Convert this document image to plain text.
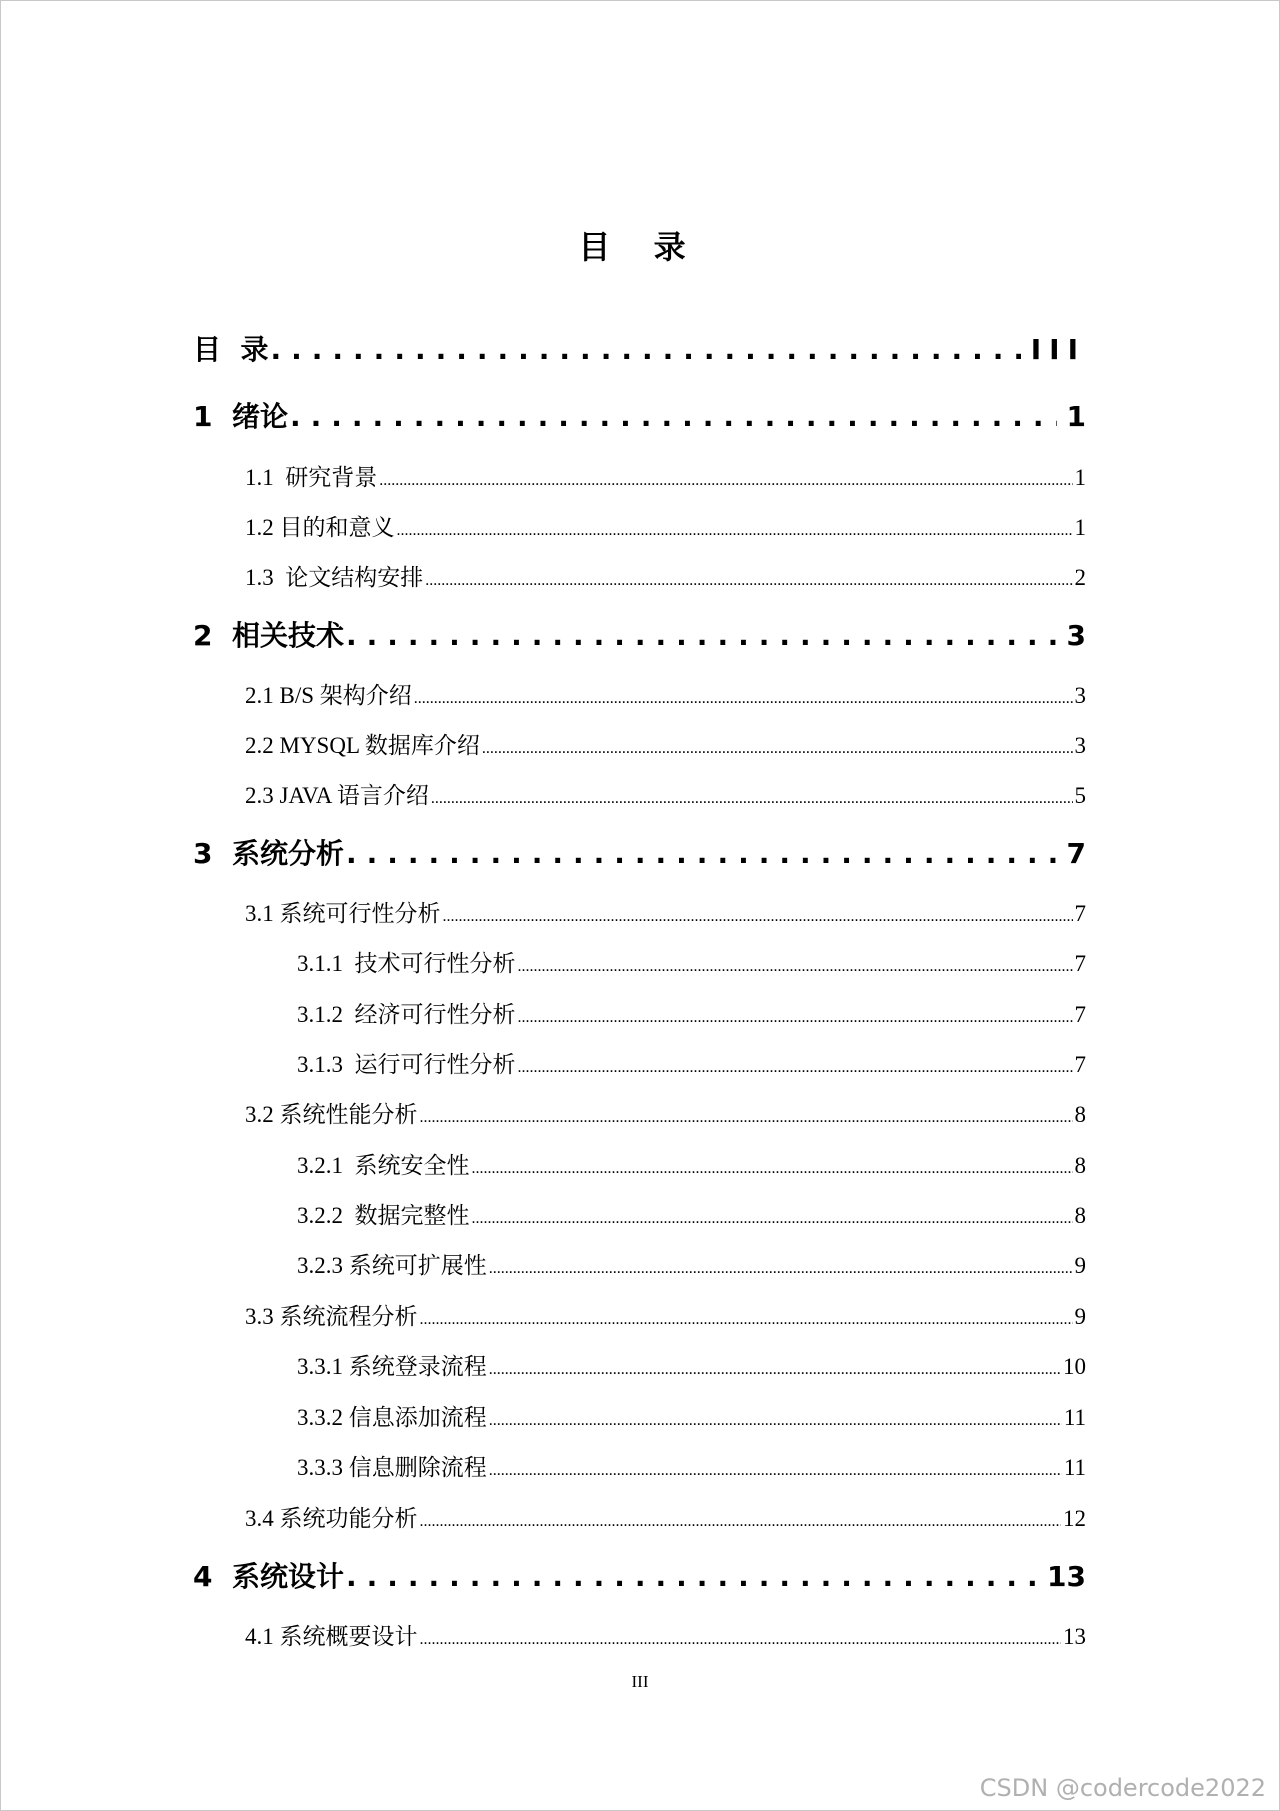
目 录
目  录 .....	III
1  绪论 .....	1
1.1  研究背景 .....	1
1.2 目的和意义 .....	1
1.3  论文结构安排 .....	2
2  相关技术 .....	3
2.1 B/S 架构介绍 .....	3
2.2 MYSQL 数据库介绍 .....	3
2.3 JAVA 语言介绍 .....	5
3  系统分析 .....	7
3.1 系统可行性分析 .....	7
3.1.1  技术可行性分析 .....	7
3.1.2  经济可行性分析 .....	7
3.1.3  运行可行性分析 .....	7
3.2 系统性能分析 .....	8
3.2.1  系统安全性 .....	8
3.2.2  数据完整性 .....	8
3.2.3 系统可扩展性 .....	9
3.3 系统流程分析 .....	9
3.3.1 系统登录流程 .....	10
3.3.2 信息添加流程 .....	11
3.3.3 信息删除流程 .....	11
3.4 系统功能分析 .....	12
4  系统设计 .....	13
4.1 系统概要设计 .....	13
III
CSDN @codercode2022
